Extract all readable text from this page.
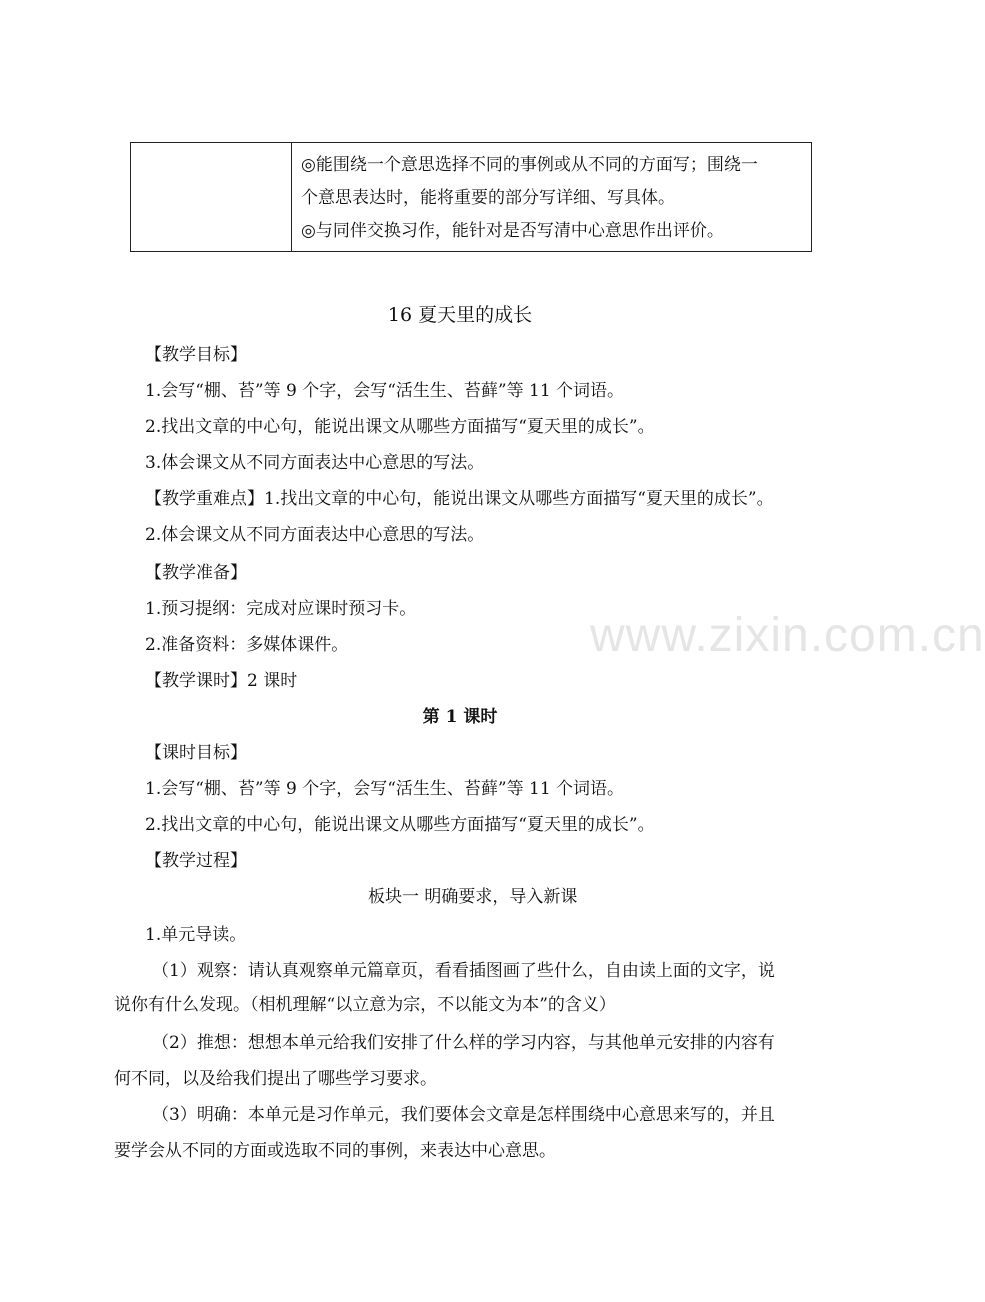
◎能围绕一个意思选择不同的事例或从不同的方面写；围绕一
个意思表达时，能将重要的部分写详细、写具体。
◎与同伴交换习作，能针对是否写清中心意思作出评价。
16 夏天里的成长
【教学目标】
1.会写“棚、苔”等 9 个字，会写“活生生、苔藓”等 11 个词语。
2.找出文章的中心句，能说出课文从哪些方面描写“夏天里的成长”。
3.体会课文从不同方面表达中心意思的写法。
【教学重难点】1.找出文章的中心句，能说出课文从哪些方面描写“夏天里的成长”。
2.体会课文从不同方面表达中心意思的写法。
【教学准备】
1.预习提纲：完成对应课时预习卡。
2.准备资料：多媒体课件。
【教学课时】2 课时
第 1 课时
【课时目标】
1.会写“棚、苔”等 9 个字，会写“活生生、苔藓”等 11 个词语。
2.找出文章的中心句，能说出课文从哪些方面描写“夏天里的成长”。
【教学过程】
板块一 明确要求，导入新课
1.单元导读。
（1）观察：请认真观察单元篇章页，看看插图画了些什么，自由读上面的文字，说
说你有什么发现。（相机理解“以立意为宗，不以能文为本”的含义）
（2）推想：想想本单元给我们安排了什么样的学习内容，与其他单元安排的内容有
何不同，以及给我们提出了哪些学习要求。
（3）明确：本单元是习作单元，我们要体会文章是怎样围绕中心意思来写的，并且
要学会从不同的方面或选取不同的事例，来表达中心意思。
www.zixin.com.cn
